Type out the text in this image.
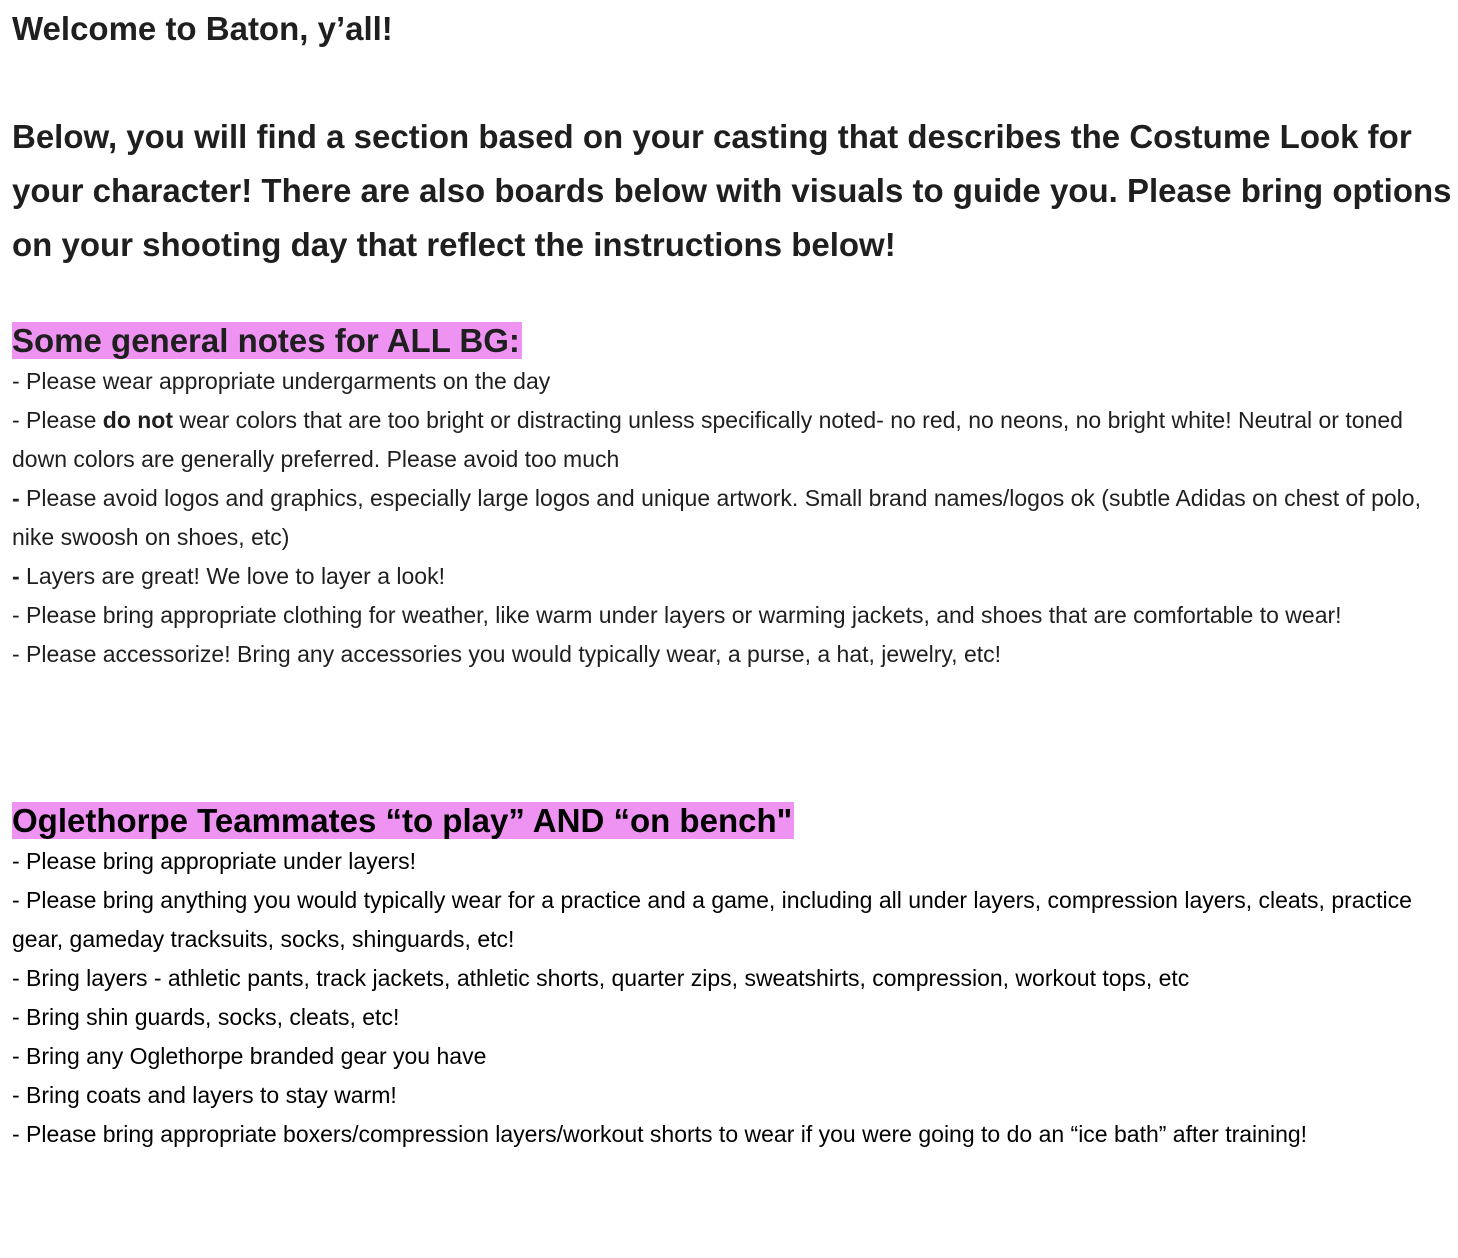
Welcome to Baton, y’all!

Below, you will find a section based on your casting that describes the Costume Look for your character! There are also boards below with visuals to guide you. Please bring options on your shooting day that reflect the instructions below!

Some general notes for ALL BG:
- Please wear appropriate undergarments on the day
- Please do not wear colors that are too bright or distracting unless specifically noted- no red, no neons, no bright white! Neutral or toned down colors are generally preferred. Please avoid too much
- Please avoid logos and graphics, especially large logos and unique artwork. Small brand names/logos ok (subtle Adidas on chest of polo, nike swoosh on shoes, etc)
- Layers are great! We love to layer a look!
- Please bring appropriate clothing for weather, like warm under layers or warming jackets, and shoes that are comfortable to wear!
- Please accessorize! Bring any accessories you would typically wear, a purse, a hat, jewelry, etc!
Oglethorpe Teammates “to play” AND “on bench"
- Please bring appropriate under layers!
- Please bring anything you would typically wear for a practice and a game, including all under layers, compression layers, cleats, practice gear, gameday tracksuits, socks, shinguards, etc!
- Bring layers - athletic pants, track jackets, athletic shorts, quarter zips, sweatshirts, compression, workout tops, etc
- Bring shin guards, socks, cleats, etc!
- Bring any Oglethorpe branded gear you have
- Bring coats and layers to stay warm!
- Please bring appropriate boxers/compression layers/workout shorts to wear if you were going to do an “ice bath” after training!
